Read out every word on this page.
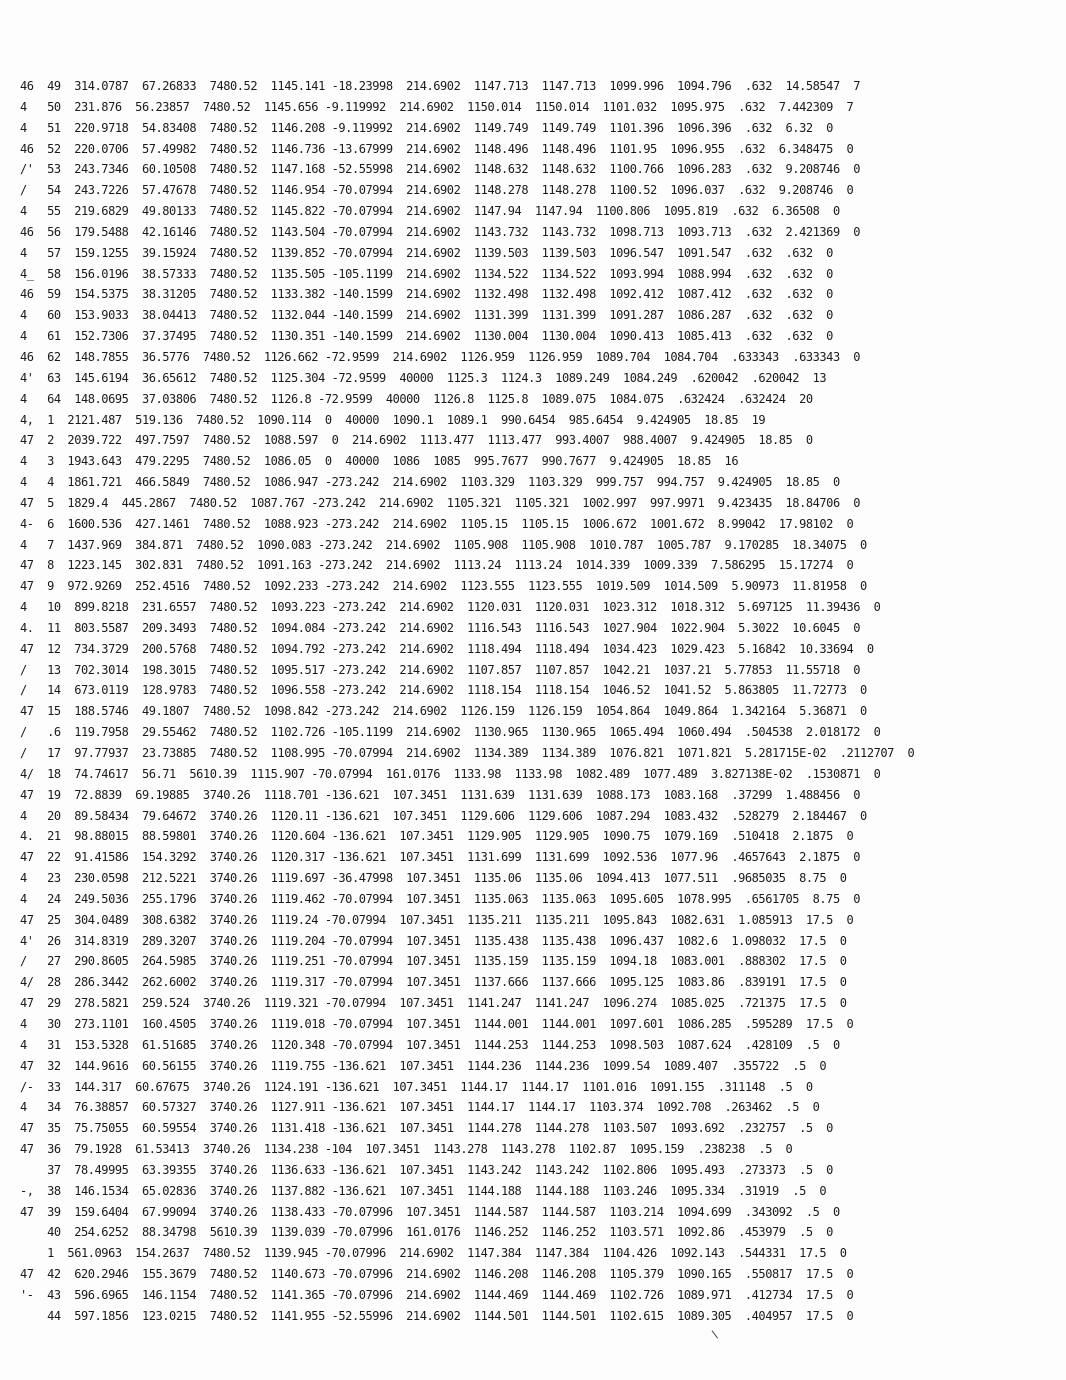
46  49  314.0787  67.26833  7480.52  1145.141 -18.23998  214.6902  1147.713  1147.713  1099.996  1094.796  .632  14.58547  7
4   50  231.876  56.23857  7480.52  1145.656 -9.119992  214.6902  1150.014  1150.014  1101.032  1095.975  .632  7.442309  7
4   51  220.9718  54.83408  7480.52  1146.208 -9.119992  214.6902  1149.749  1149.749  1101.396  1096.396  .632  6.32  0
46  52  220.0706  57.49982  7480.52  1146.736 -13.67999  214.6902  1148.496  1148.496  1101.95  1096.955  .632  6.348475  0
/'  53  243.7346  60.10508  7480.52  1147.168 -52.55998  214.6902  1148.632  1148.632  1100.766  1096.283  .632  9.208746  0
/   54  243.7226  57.47678  7480.52  1146.954 -70.07994  214.6902  1148.278  1148.278  1100.52  1096.037  .632  9.208746  0
4   55  219.6829  49.80133  7480.52  1145.822 -70.07994  214.6902  1147.94  1147.94  1100.806  1095.819  .632  6.36508  0
46  56  179.5488  42.16146  7480.52  1143.504 -70.07994  214.6902  1143.732  1143.732  1098.713  1093.713  .632  2.421369  0
4   57  159.1255  39.15924  7480.52  1139.852 -70.07994  214.6902  1139.503  1139.503  1096.547  1091.547  .632  .632  0
4_  58  156.0196  38.57333  7480.52  1135.505 -105.1199  214.6902  1134.522  1134.522  1093.994  1088.994  .632  .632  0
46  59  154.5375  38.31205  7480.52  1133.382 -140.1599  214.6902  1132.498  1132.498  1092.412  1087.412  .632  .632  0
4   60  153.9033  38.04413  7480.52  1132.044 -140.1599  214.6902  1131.399  1131.399  1091.287  1086.287  .632  .632  0
4   61  152.7306  37.37495  7480.52  1130.351 -140.1599  214.6902  1130.004  1130.004  1090.413  1085.413  .632  .632  0
46  62  148.7855  36.5776  7480.52  1126.662 -72.9599  214.6902  1126.959  1126.959  1089.704  1084.704  .633343  .633343  0
4'  63  145.6194  36.65612  7480.52  1125.304 -72.9599  40000  1125.3  1124.3  1089.249  1084.249  .620042  .620042  13
4   64  148.0695  37.03806  7480.52  1126.8 -72.9599  40000  1126.8  1125.8  1089.075  1084.075  .632424  .632424  20
4,  1  2121.487  519.136  7480.52  1090.114  0  40000  1090.1  1089.1  990.6454  985.6454  9.424905  18.85  19
47  2  2039.722  497.7597  7480.52  1088.597  0  214.6902  1113.477  1113.477  993.4007  988.4007  9.424905  18.85  0
4   3  1943.643  479.2295  7480.52  1086.05  0  40000  1086  1085  995.7677  990.7677  9.424905  18.85  16
4   4  1861.721  466.5849  7480.52  1086.947 -273.242  214.6902  1103.329  1103.329  999.757  994.757  9.424905  18.85  0
47  5  1829.4  445.2867  7480.52  1087.767 -273.242  214.6902  1105.321  1105.321  1002.997  997.9971  9.423435  18.84706  0
4-  6  1600.536  427.1461  7480.52  1088.923 -273.242  214.6902  1105.15  1105.15  1006.672  1001.672  8.99042  17.98102  0
4   7  1437.969  384.871  7480.52  1090.083 -273.242  214.6902  1105.908  1105.908  1010.787  1005.787  9.170285  18.34075  0
47  8  1223.145  302.831  7480.52  1091.163 -273.242  214.6902  1113.24  1113.24  1014.339  1009.339  7.586295  15.17274  0
47  9  972.9269  252.4516  7480.52  1092.233 -273.242  214.6902  1123.555  1123.555  1019.509  1014.509  5.90973  11.81958  0
4   10  899.8218  231.6557  7480.52  1093.223 -273.242  214.6902  1120.031  1120.031  1023.312  1018.312  5.697125  11.39436  0
4.  11  803.5587  209.3493  7480.52  1094.084 -273.242  214.6902  1116.543  1116.543  1027.904  1022.904  5.3022  10.6045  0
47  12  734.3729  200.5768  7480.52  1094.792 -273.242  214.6902  1118.494  1118.494  1034.423  1029.423  5.16842  10.33694  0
/   13  702.3014  198.3015  7480.52  1095.517 -273.242  214.6902  1107.857  1107.857  1042.21  1037.21  5.77853  11.55718  0
/   14  673.0119  128.9783  7480.52  1096.558 -273.242  214.6902  1118.154  1118.154  1046.52  1041.52  5.863805  11.72773  0
47  15  188.5746  49.1807  7480.52  1098.842 -273.242  214.6902  1126.159  1126.159  1054.864  1049.864  1.342164  5.36871  0
/   .6  119.7958  29.55462  7480.52  1102.726 -105.1199  214.6902  1130.965  1130.965  1065.494  1060.494  .504538  2.018172  0
/   17  97.77937  23.73885  7480.52  1108.995 -70.07994  214.6902  1134.389  1134.389  1076.821  1071.821  5.281715E-02  .2112707  0
4/  18  74.74617  56.71  5610.39  1115.907 -70.07994  161.0176  1133.98  1133.98  1082.489  1077.489  3.827138E-02  .1530871  0
47  19  72.8839  69.19885  3740.26  1118.701 -136.621  107.3451  1131.639  1131.639  1088.173  1083.168  .37299  1.488456  0
4   20  89.58434  79.64672  3740.26  1120.11 -136.621  107.3451  1129.606  1129.606  1087.294  1083.432  .528279  2.184467  0
4.  21  98.88015  88.59801  3740.26  1120.604 -136.621  107.3451  1129.905  1129.905  1090.75  1079.169  .510418  2.1875  0
47  22  91.41586  154.3292  3740.26  1120.317 -136.621  107.3451  1131.699  1131.699  1092.536  1077.96  .4657643  2.1875  0
4   23  230.0598  212.5221  3740.26  1119.697 -36.47998  107.3451  1135.06  1135.06  1094.413  1077.511  .9685035  8.75  0
4   24  249.5036  255.1796  3740.26  1119.462 -70.07994  107.3451  1135.063  1135.063  1095.605  1078.995  .6561705  8.75  0
47  25  304.0489  308.6382  3740.26  1119.24 -70.07994  107.3451  1135.211  1135.211  1095.843  1082.631  1.085913  17.5  0
4'  26  314.8319  289.3207  3740.26  1119.204 -70.07994  107.3451  1135.438  1135.438  1096.437  1082.6  1.098032  17.5  0
/   27  290.8605  264.5985  3740.26  1119.251 -70.07994  107.3451  1135.159  1135.159  1094.18  1083.001  .888302  17.5  0
4/  28  286.3442  262.6002  3740.26  1119.317 -70.07994  107.3451  1137.666  1137.666  1095.125  1083.86  .839191  17.5  0
47  29  278.5821  259.524  3740.26  1119.321 -70.07994  107.3451  1141.247  1141.247  1096.274  1085.025  .721375  17.5  0
4   30  273.1101  160.4505  3740.26  1119.018 -70.07994  107.3451  1144.001  1144.001  1097.601  1086.285  .595289  17.5  0
4   31  153.5328  61.51685  3740.26  1120.348 -70.07994  107.3451  1144.253  1144.253  1098.503  1087.624  .428109  .5  0
47  32  144.9616  60.56155  3740.26  1119.755 -136.621  107.3451  1144.236  1144.236  1099.54  1089.407  .355722  .5  0
/-  33  144.317  60.67675  3740.26  1124.191 -136.621  107.3451  1144.17  1144.17  1101.016  1091.155  .311148  .5  0
4   34  76.38857  60.57327  3740.26  1127.911 -136.621  107.3451  1144.17  1144.17  1103.374  1092.708  .263462  .5  0
47  35  75.75055  60.59554  3740.26  1131.418 -136.621  107.3451  1144.278  1144.278  1103.507  1093.692  .232757  .5  0
47  36  79.1928  61.53413  3740.26  1134.238 -104  107.3451  1143.278  1143.278  1102.87  1095.159  .238238  .5  0
37  78.49995  63.39355  3740.26  1136.633 -136.621  107.3451  1143.242  1143.242  1102.806  1095.493  .273373  .5  0
-,  38  146.1534  65.02836  3740.26  1137.882 -136.621  107.3451  1144.188  1144.188  1103.246  1095.334  .31919  .5  0
47  39  159.6404  67.99094  3740.26  1138.433 -70.07996  107.3451  1144.587  1144.587  1103.214  1094.699  .343092  .5  0
40  254.6252  88.34798  5610.39  1139.039 -70.07996  161.0176  1146.252  1146.252  1103.571  1092.86  .453979  .5  0
1  561.0963  154.2637  7480.52  1139.945 -70.07996  214.6902  1147.384  1147.384  1104.426  1092.143  .544331  17.5  0
47  42  620.2946  155.3679  7480.52  1140.673 -70.07996  214.6902  1146.208  1146.208  1105.379  1090.165  .550817  17.5  0
'-  43  596.6965  146.1154  7480.52  1141.365 -70.07996  214.6902  1144.469  1144.469  1102.726  1089.971  .412734  17.5  0
44  597.1856  123.0215  7480.52  1141.955 -52.55996  214.6902  1144.501  1144.501  1102.615  1089.305  .404957  17.5  0
\
